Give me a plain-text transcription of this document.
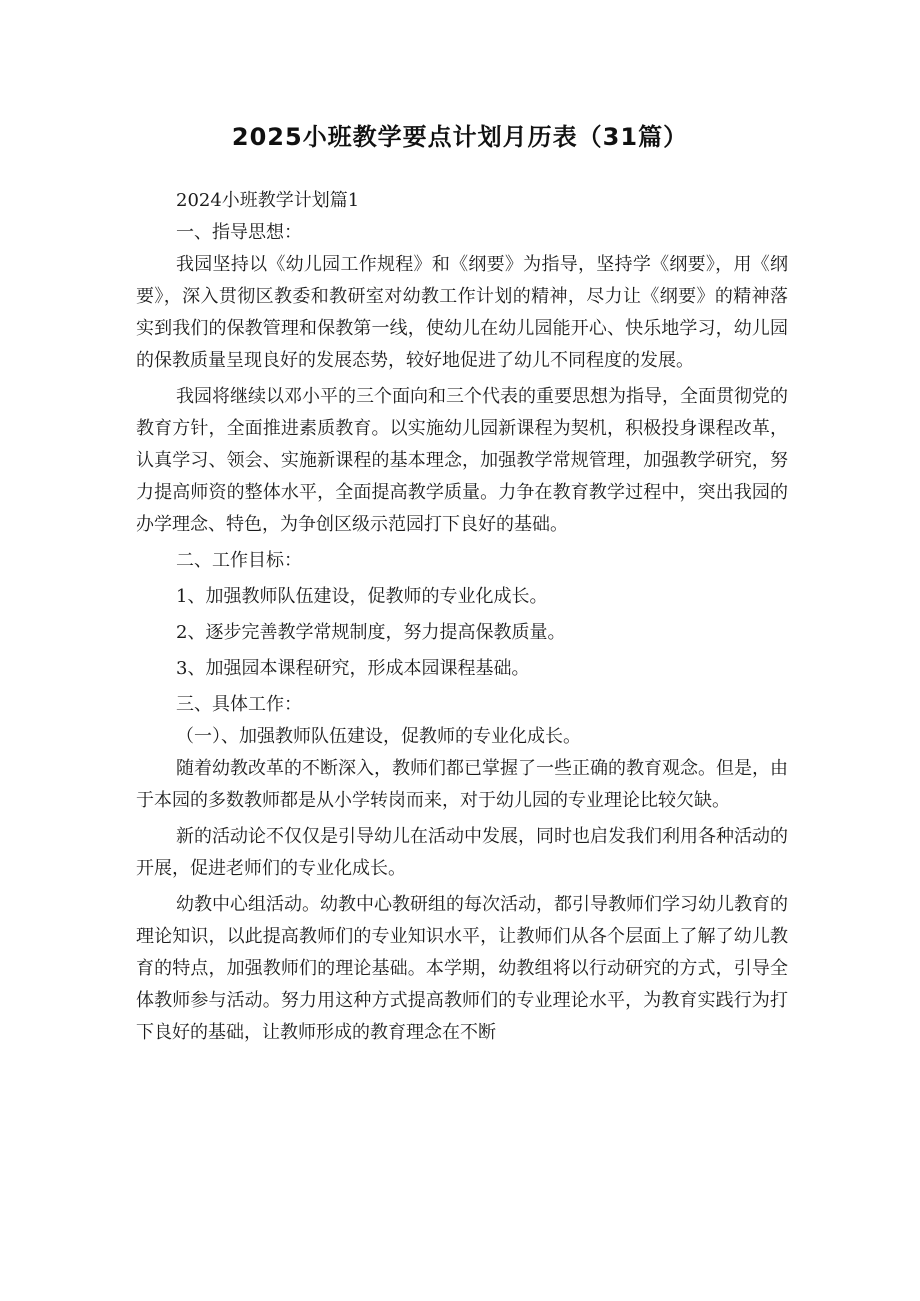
2025小班教学要点计划月历表（31篇）

2024小班教学计划篇1

一、指导思想：

我园坚持以《幼儿园工作规程》和《纲要》为指导，坚持学《纲要》，用《纲要》，深入贯彻区教委和教研室对幼教工作计划的精神，尽力让《纲要》的精神落实到我们的保教管理和保教第一线，使幼儿在幼儿园能开心、快乐地学习，幼儿园的保教质量呈现良好的发展态势，较好地促进了幼儿不同程度的发展。

我园将继续以邓小平的三个面向和三个代表的重要思想为指导，全面贯彻党的教育方针，全面推进素质教育。以实施幼儿园新课程为契机，积极投身课程改革，认真学习、领会、实施新课程的基本理念，加强教学常规管理，加强教学研究，努力提高师资的整体水平，全面提高教学质量。力争在教育教学过程中，突出我园的办学理念、特色，为争创区级示范园打下良好的基础。

二、工作目标：

1、加强教师队伍建设，促教师的专业化成长。

2、逐步完善教学常规制度，努力提高保教质量。

3、加强园本课程研究，形成本园课程基础。

三、具体工作：

（一）、加强教师队伍建设，促教师的专业化成长。

随着幼教改革的不断深入，教师们都已掌握了一些正确的教育观念。但是，由于本园的多数教师都是从小学转岗而来，对于幼儿园的专业理论比较欠缺。

新的活动论不仅仅是引导幼儿在活动中发展，同时也启发我们利用各种活动的开展，促进老师们的专业化成长。

幼教中心组活动。幼教中心教研组的每次活动，都引导教师们学习幼儿教育的理论知识，以此提高教师们的专业知识水平，让教师们从各个层面上了解了幼儿教育的特点，加强教师们的理论基础。本学期，幼教组将以行动研究的方式，引导全体教师参与活动。努力用这种方式提高教师们的专业理论水平，为教育实践行为打下良好的基础，让教师形成的教育理念在不断
